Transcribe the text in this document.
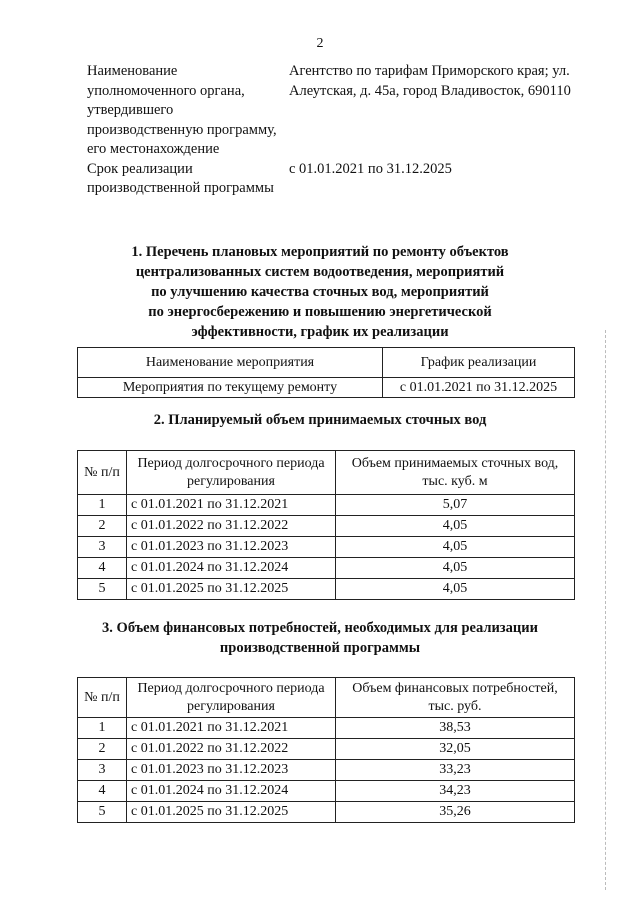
2
Наименование уполномоченного органа, утвердившего производственную программу, его местонахождение
Агентство по тарифам Приморского края; ул. Алеутская, д. 45а, город Владивосток, 690110
Срок реализации производственной программы
с 01.01.2021 по 31.12.2025
1. Перечень плановых мероприятий по ремонту объектов
централизованных систем водоотведения, мероприятий
по улучшению качества сточных вод, мероприятий
по энергосбережению и повышению энергетической
эффективности, график их реализации
Наименование мероприятия	График реализации
Мероприятия по текущему ремонту	с 01.01.2021 по 31.12.2025
2. Планируемый объем принимаемых сточных вод
№ п/п	Период долгосрочного периода регулирования	Объем принимаемых сточных вод, тыс. куб. м
1	с 01.01.2021 по 31.12.2021	5,07
2	с 01.01.2022 по 31.12.2022	4,05
3	с 01.01.2023 по 31.12.2023	4,05
4	с 01.01.2024 по 31.12.2024	4,05
5	с 01.01.2025 по 31.12.2025	4,05
3. Объем финансовых потребностей, необходимых для реализации
производственной программы
№ п/п	Период долгосрочного периода регулирования	Объем финансовых потребностей, тыс. руб.
1	с 01.01.2021 по 31.12.2021	38,53
2	с 01.01.2022 по 31.12.2022	32,05
3	с 01.01.2023 по 31.12.2023	33,23
4	с 01.01.2024 по 31.12.2024	34,23
5	с 01.01.2025 по 31.12.2025	35,26
